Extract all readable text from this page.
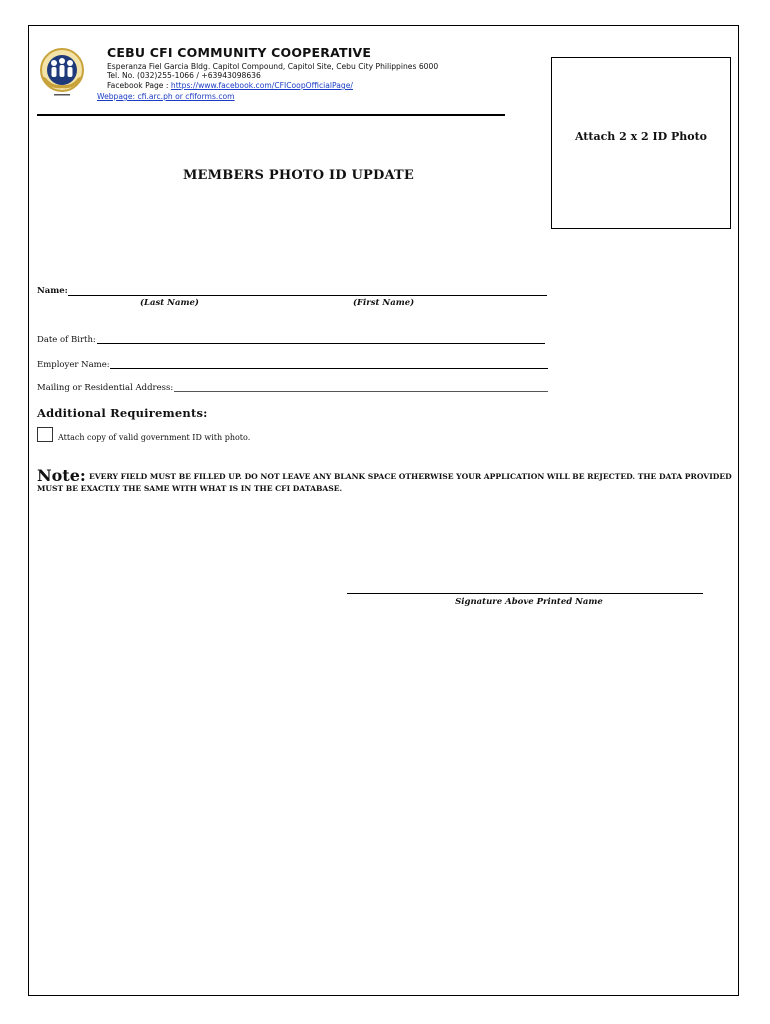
CEBU CFI COMMUNITY COOPERATIVE
Esperanza Fiel Garcia Bldg. Capitol Compound, Capitol Site, Cebu City Philippines 6000
Tel. No. (032)255-1066 / +63943098636
Facebook Page : https://www.facebook.com/CFICoopOfficialPage/
Webpage: cfi.arc.ph or cfiforms.com
Attach 2 x 2 ID Photo
MEMBERS PHOTO ID UPDATE
Name:
(Last Name)	(First Name)
Date of Birth:
Employer Name:
Mailing or Residential Address:
Additional Requirements:
Attach copy of valid government ID with photo.
Note: EVERY FIELD MUST BE FILLED UP. DO NOT LEAVE ANY BLANK SPACE OTHERWISE YOUR APPLICATION WILL BE REJECTED. THE DATA PROVIDED MUST BE EXACTLY THE SAME WITH WHAT IS IN THE CFI DATABASE.
Signature Above Printed Name
